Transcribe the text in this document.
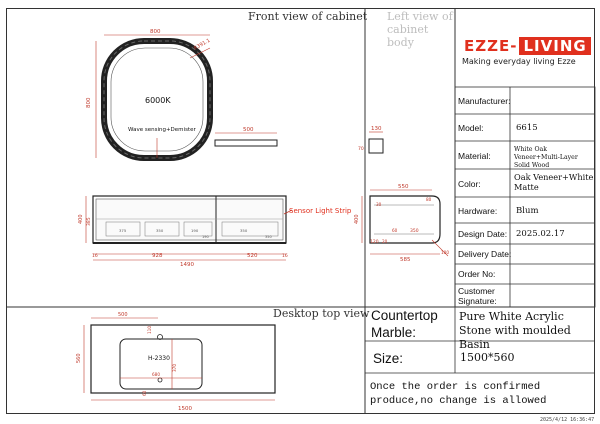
Front view of cabinet Left view of cabinet body
Desktop top view
800
800
R391.1
6000K
Wave sensing+Demister	500	130
70
Sensor Light Strip
1490
928	520
16	16
400 385
375	350	190	350
190	350
550
585
400
350
120 20
80
30
60
100
H-2330
1500
560
500
110
680
370
60
EZZE- LIVING
Making everyday living Ezze
Manufacturer:
Model:	6615
Material:
White Oak Veneer+Multi-Layer Solid Wood
Color:
Oak Veneer+White Matte
Hardware: Blum
Design Date: 2025.02.17
Delivery Date:
Order No:
Customer Signature:
Countertop Marble:
Pure White Acrylic Stone with moulded Basin
Size:	1500*560
Once the order is confirmed produce,no change is allowed
2025/4/12 16:36:47
